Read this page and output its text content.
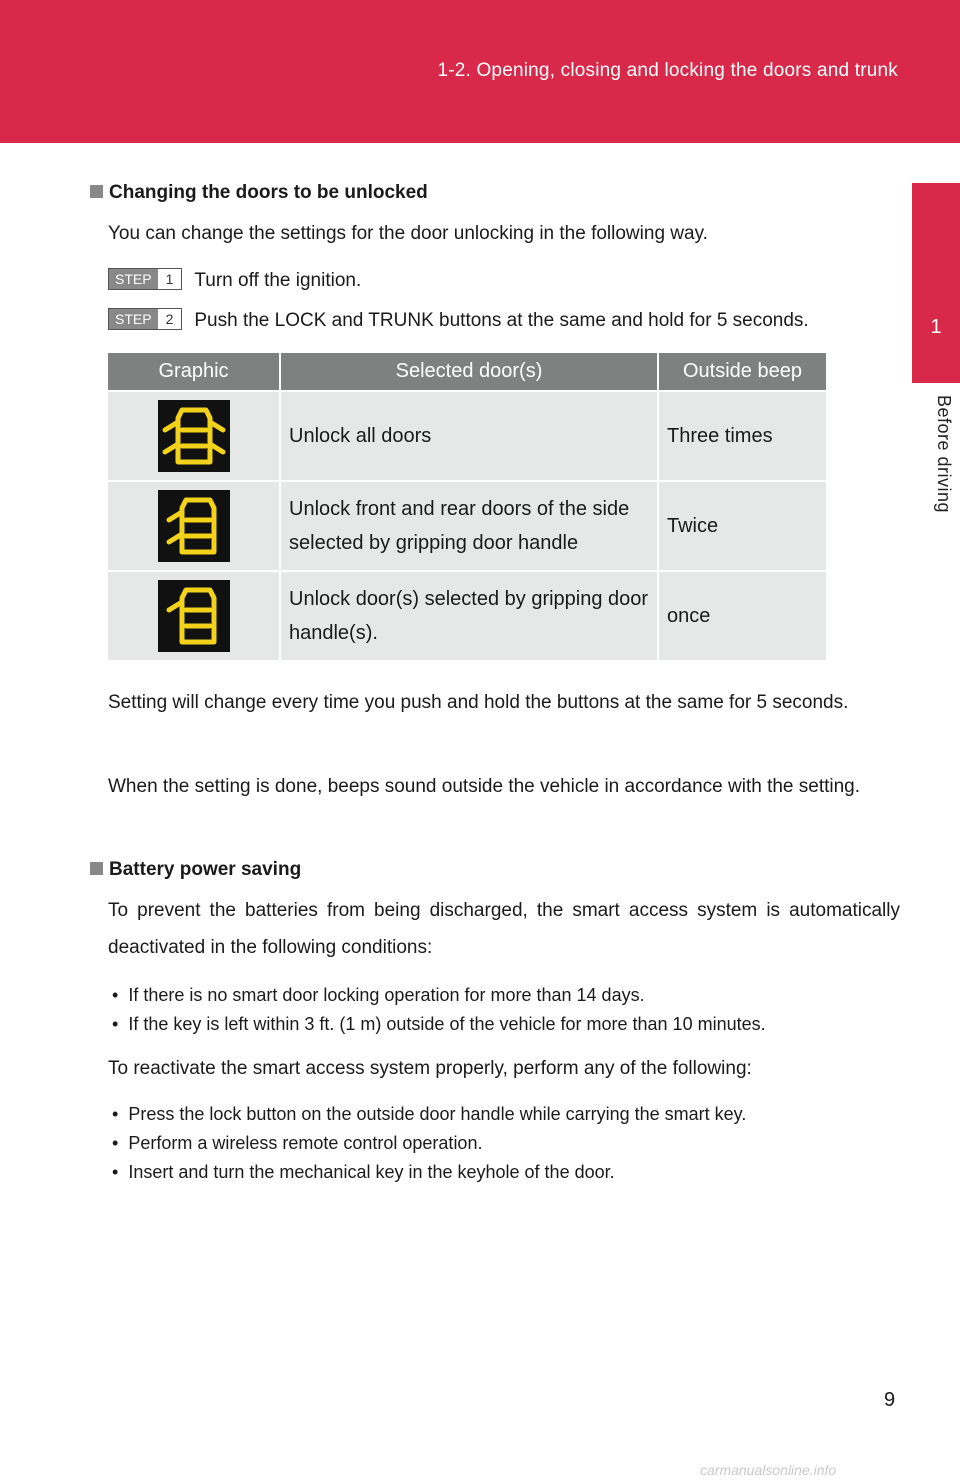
1-2. Opening, closing and locking the doors and trunk
1
Before driving
Changing the doors to be unlocked
You can change the settings for the door unlocking in the following way.
STEP 1 Turn off the ignition.
STEP 2 Push the LOCK and TRUNK buttons at the same and hold for 5 seconds.
Graphic	Selected door(s)	Outside beep
	Unlock all doors	Three times
	Unlock front and rear doors of the side selected by gripping door handle	Twice
	Unlock door(s) selected by gripping door handle(s).	once
Setting will change every time you push and hold the buttons at the same for 5 seconds.
When the setting is done, beeps sound outside the vehicle in accordance with the setting.
Battery power saving
To prevent the batteries from being discharged, the smart access system is automatically deactivated in the following conditions:
•  If there is no smart door locking operation for more than 14 days.
•  If the key is left within 3 ft. (1 m) outside of the vehicle for more than 10 minutes.
To reactivate the smart access system properly, perform any of the following:
•  Press the lock button on the outside door handle while carrying the smart key.
•  Perform a wireless remote control operation.
•  Insert and turn the mechanical key in the keyhole of the door.
9
carmanualsonline.info
